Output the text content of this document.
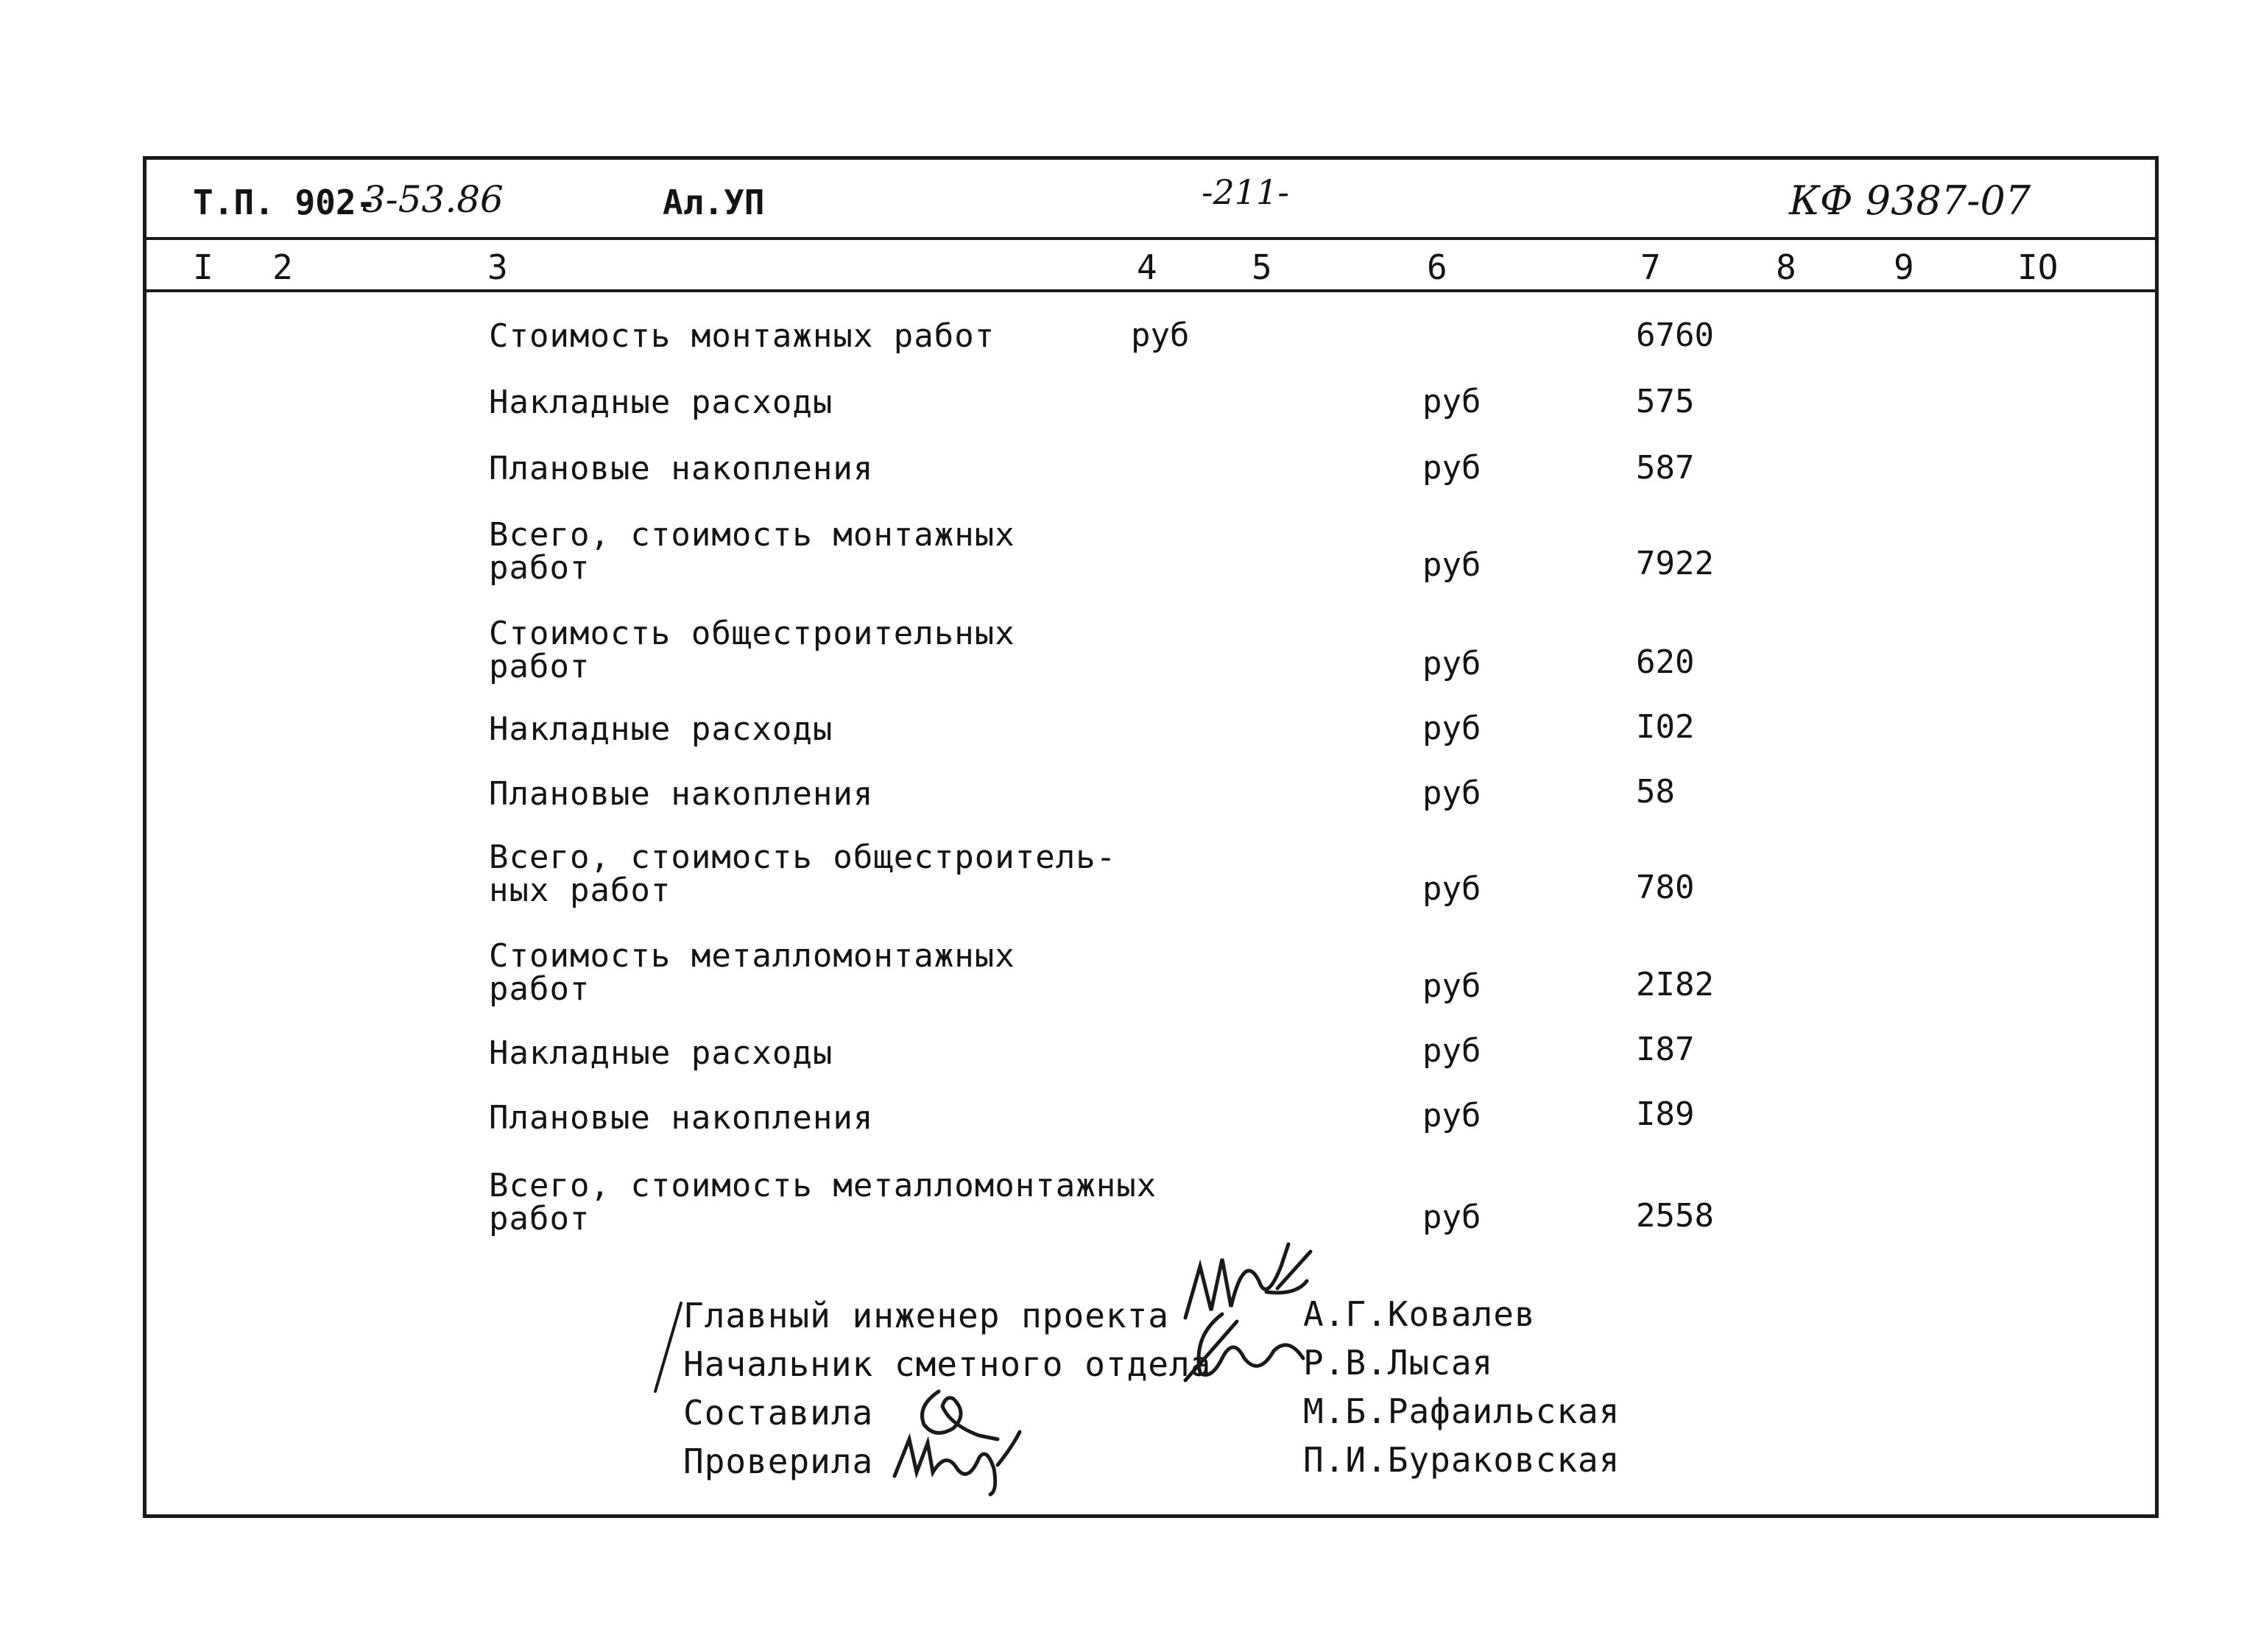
Т.П. 902-
3-53.86	Ал.УП	-211-	КФ 9387-07
I 2	3	4	5	6	7	8	9	IO
Стоимость монтажных работ	руб	6760
Накладные расходы	руб	575
Плановые накопления	руб	587
Всего, стоимость монтажных
работ	руб	7922
Стоимость общестроительных
работ	руб	620
Накладные расходы	руб	I02
Плановые накопления	руб	58
Всего, стоимость общестроитель-
ных работ	руб	780
Стоимость металломонтажных
работ	руб	2I82
Накладные расходы	руб	I87
Плановые накопления	руб	I89
Всего, стоимость металломонтажных
работ	руб	2558
Главный инженер проекта	А.Г.Ковалев
Начальник сметного отдела	Р.В.Лысая
Составила	М.Б.Рафаильская
Проверила	П.И.Бураковская
